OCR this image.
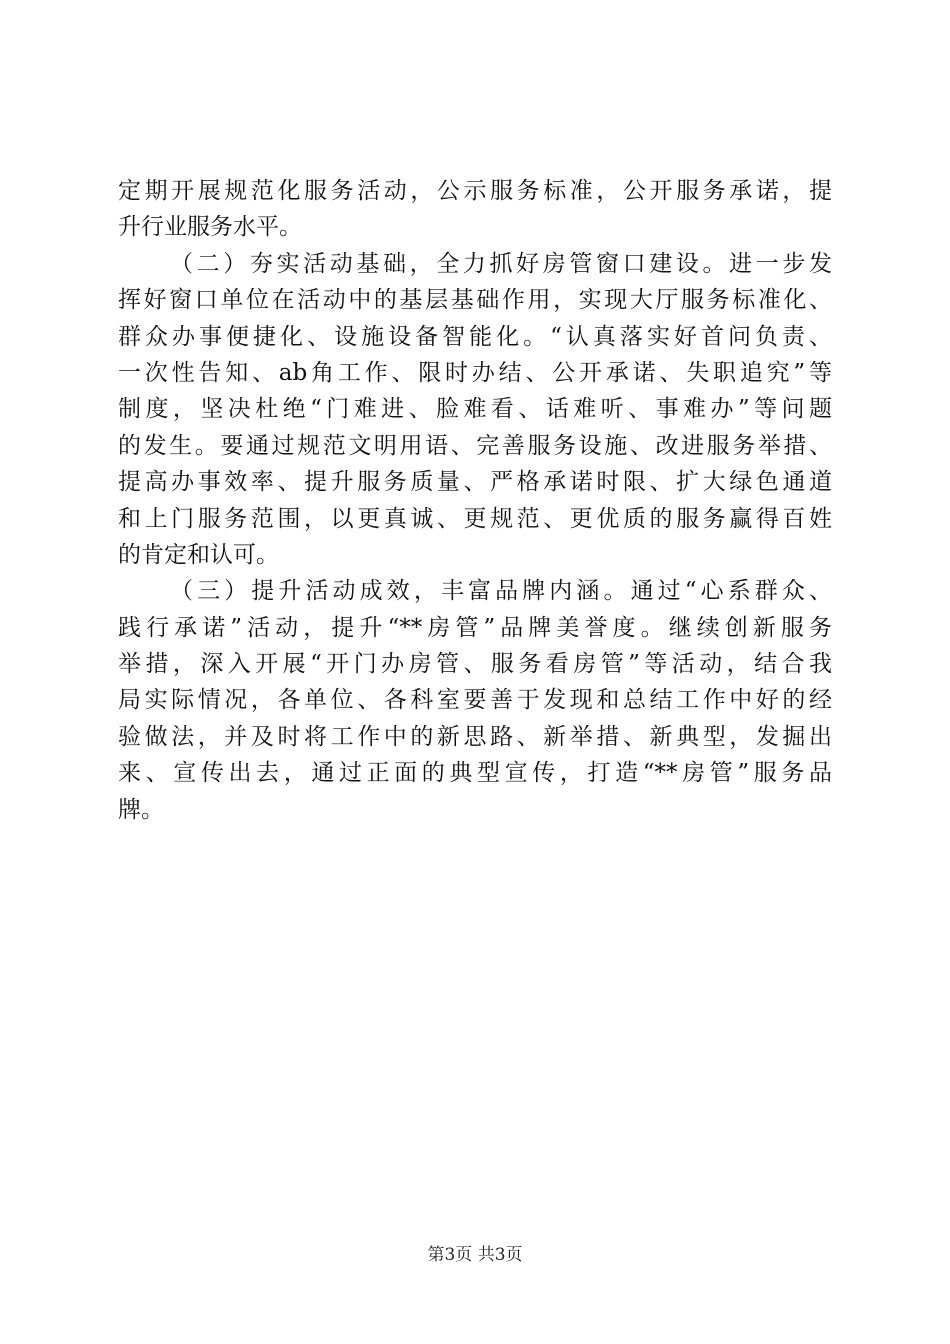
定期开展规范化服务活动，公示服务标准，公开服务承诺，提
升行业服务水平。
（二）夯实活动基础，全力抓好房管窗口建设。进一步发
挥好窗口单位在活动中的基层基础作用，实现大厅服务标准化、
群众办事便捷化、设施设备智能化。“认真落实好首问负责、
一次性告知、ab角工作、限时办结、公开承诺、失职追究”等
制度，坚决杜绝“门难进、脸难看、话难听、事难办”等问题
的发生。要通过规范文明用语、完善服务设施、改进服务举措、
提高办事效率、提升服务质量、严格承诺时限、扩大绿色通道
和上门服务范围，以更真诚、更规范、更优质的服务赢得百姓
的肯定和认可。
（三）提升活动成效，丰富品牌内涵。通过“心系群众、
践行承诺”活动，提升“**房管”品牌美誉度。继续创新服务
举措，深入开展“开门办房管、服务看房管”等活动，结合我
局实际情况，各单位、各科室要善于发现和总结工作中好的经
验做法，并及时将工作中的新思路、新举措、新典型，发掘出
来、宣传出去，通过正面的典型宣传，打造“**房管”服务品
牌。
第3页 共3页
